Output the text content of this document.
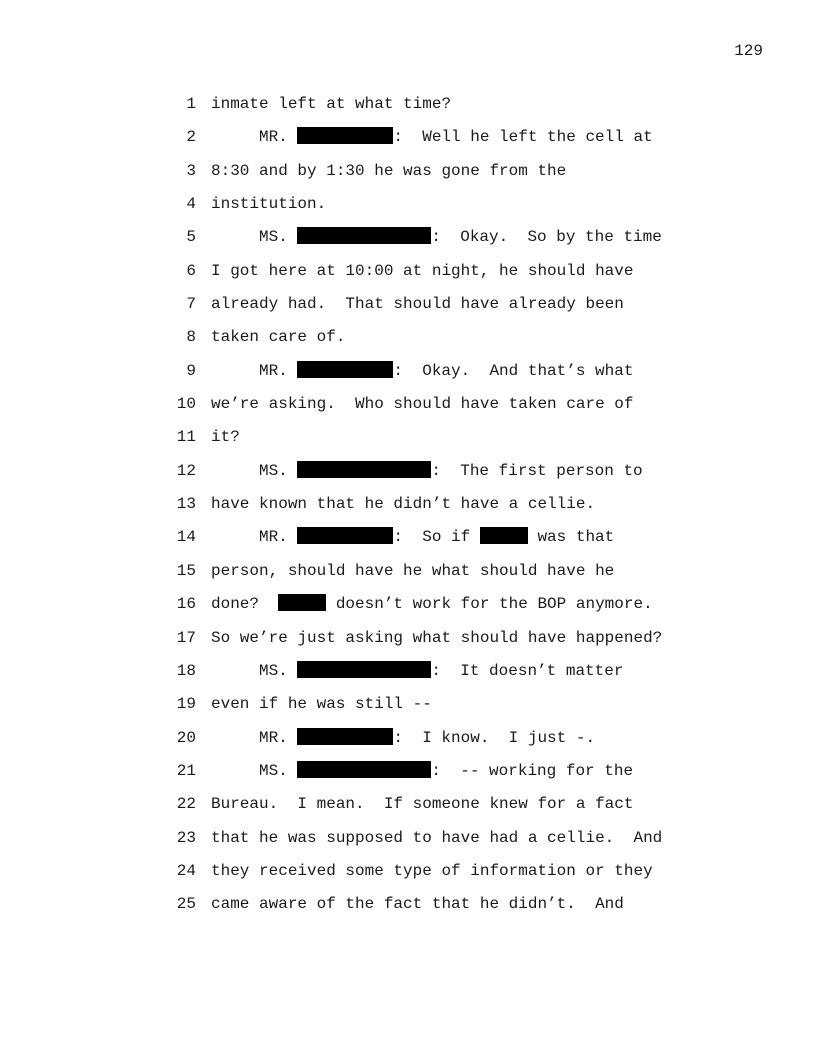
129
1 inmate left at what time?
2 MR.	:  Well he left the cell at
3 8:30 and by 1:30 he was gone from the
4 institution.
5 MS.	:  Okay.  So by the time
6 I got here at 10:00 at night, he should have
7 already had.  That should have already been
8 taken care of.
9 MR.	:  Okay.  And that’s what
10 we’re asking.  Who should have taken care of
11 it?
12 MS.	:  The first person to
13 have known that he didn’t have a cellie.
14 MR.	:  So if	was that
15 person, should have he what should have he
16 done?	doesn’t work for the BOP anymore.
17 So we’re just asking what should have happened?
18 MS.	:  It doesn’t matter
19 even if he was still --
20 MR.	:  I know.  I just -.
21 MS.	:  -- working for the
22 Bureau.  I mean.  If someone knew for a fact
23 that he was supposed to have had a cellie.  And
24 they received some type of information or they
25 came aware of the fact that he didn’t.  And
